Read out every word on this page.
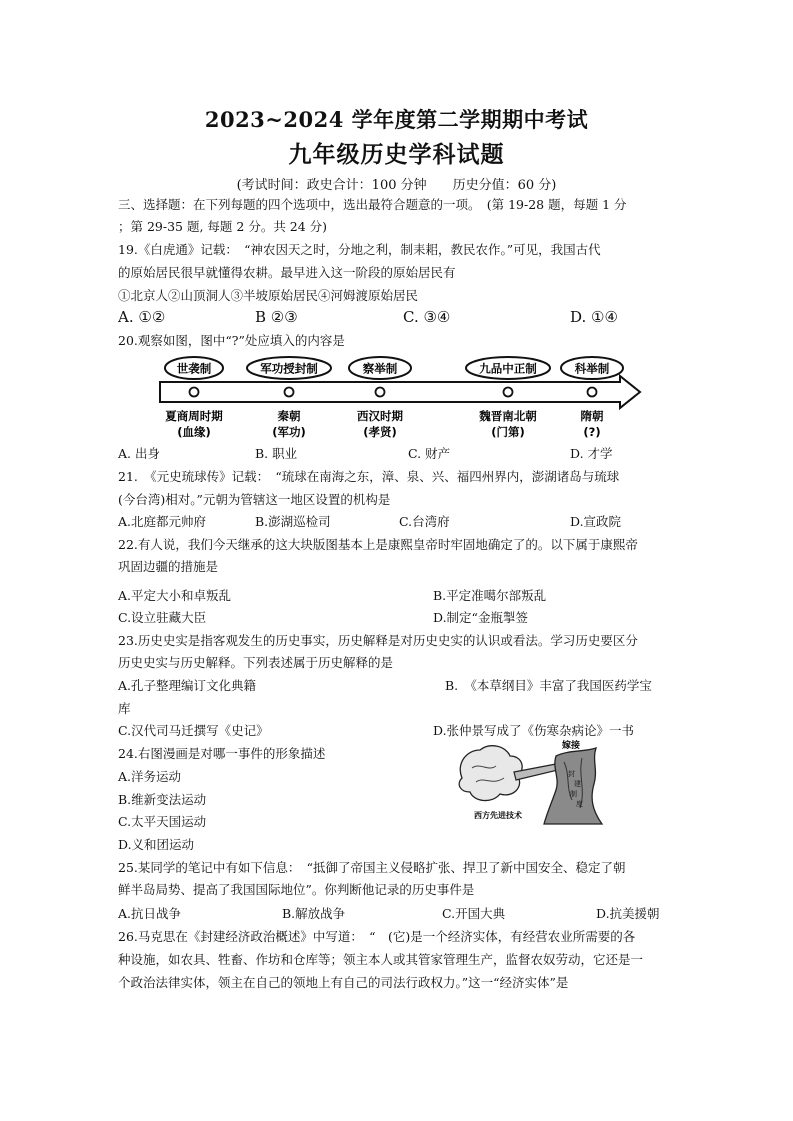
2023~2024 学年度第二学期期中考试
九年级历史学科试题
(考试时间：政史合计：100 分钟　　历史分值：60 分)
三、选择题：在下列每题的四个选项中，选出最符合题意的一项。　(第 19-28 题，每题 1 分
；第 29-35 题, 每题 2 分。共 24 分)
19.《白虎通》记载：　“神农因天之时，分地之利，制耒耜，教民农作。”可见，我国古代
的原始居民很早就懂得农耕。最早进入这一阶段的原始居民有
①北京人②山顶洞人③半坡原始居民④河姆渡原始居民
A. ①②	B ②③	C. ③④	D. ①④
20.观察如图，图中“?”处应填入的内容是
世袭制	军功授封制	察举制	九品中正制	科举制
夏商周时期	秦朝	西汉时期	魏晋南北朝	隋朝
(血缘)	(军功)	(孝贤)	(门第)	(?)
A. 出身	B. 职业	C. 财产	D. 才学
21.　《元史琉球传》记载：　“琉球在南海之东，漳、泉、兴、福四州界内，澎湖诸岛与琉球
(今台湾)相对。”元朝为管辖这一地区设置的机构是
A.北庭都元帅府	B.澎湖巡检司	C.台湾府	D.宣政院
22.有人说，我们今天继承的这大块版图基本上是康熙皇帝时牢固地确定了的。以下属于康熙帝
巩固边疆的措施是
A.平定大小和卓叛乱	B.平定准噶尔部叛乱
C.设立驻藏大臣	D.制定“金瓶掣签
23.历史史实是指客观发生的历史事实，历史解释是对历史史实的认识或看法。学习历史要区分
历史史实与历史解释。下列表述属于历史解释的是
A.孔子整理编订文化典籍	B.　《本草纲目》丰富了我国医药学宝
库
C.汉代司马迁撰写《史记》	D.张仲景写成了《伤寒杂病论》一书
24.右图漫画是对哪一事件的形象描述
A.洋务运动
B.维新变法运动
C.太平天国运动
D.义和团运动
嫁接
西方先进技术
封
建
制
度
25.某同学的笔记中有如下信息：　“抵御了帝国主义侵略扩张、捍卫了新中国安全、稳定了朝
鲜半岛局势、提高了我国国际地位”。你判断他记录的历史事件是
A.抗日战争	B.解放战争	C.开国大典	D.抗美援朝
26.马克思在《封建经济政治概述》中写道：　“　(它)是一个经济实体，有经营农业所需要的各
种设施，如农具、牲畜、作坊和仓库等；领主本人或其管家管理生产，监督农奴劳动，它还是一
个政治法律实体，领主在自己的领地上有自己的司法行政权力。”这一“经济实体”是
